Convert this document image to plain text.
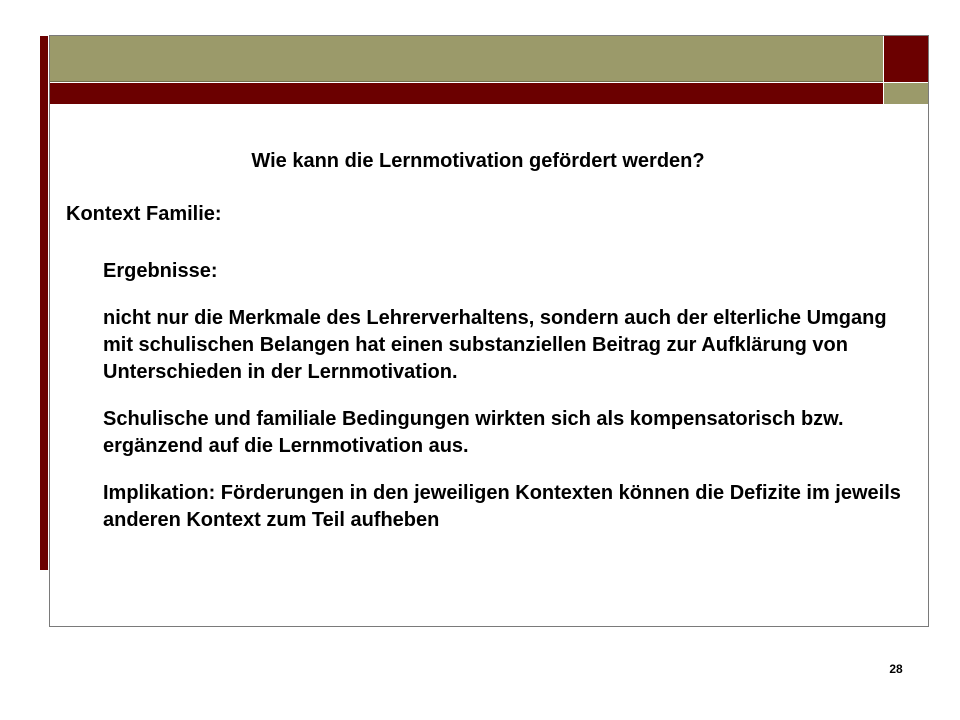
Wie kann die Lernmotivation gefördert werden?
Kontext Familie:
Ergebnisse:
nicht nur die Merkmale des Lehrerverhaltens, sondern auch der elterliche Umgang mit schulischen Belangen hat einen substanziellen Beitrag zur Aufklärung von Unterschieden in der Lernmotivation.
Schulische und familiale Bedingungen wirkten sich als kompensatorisch bzw. ergänzend auf die Lernmotivation aus.
Implikation: Förderungen in den jeweiligen Kontexten können die Defizite im jeweils anderen Kontext zum Teil aufheben
28
